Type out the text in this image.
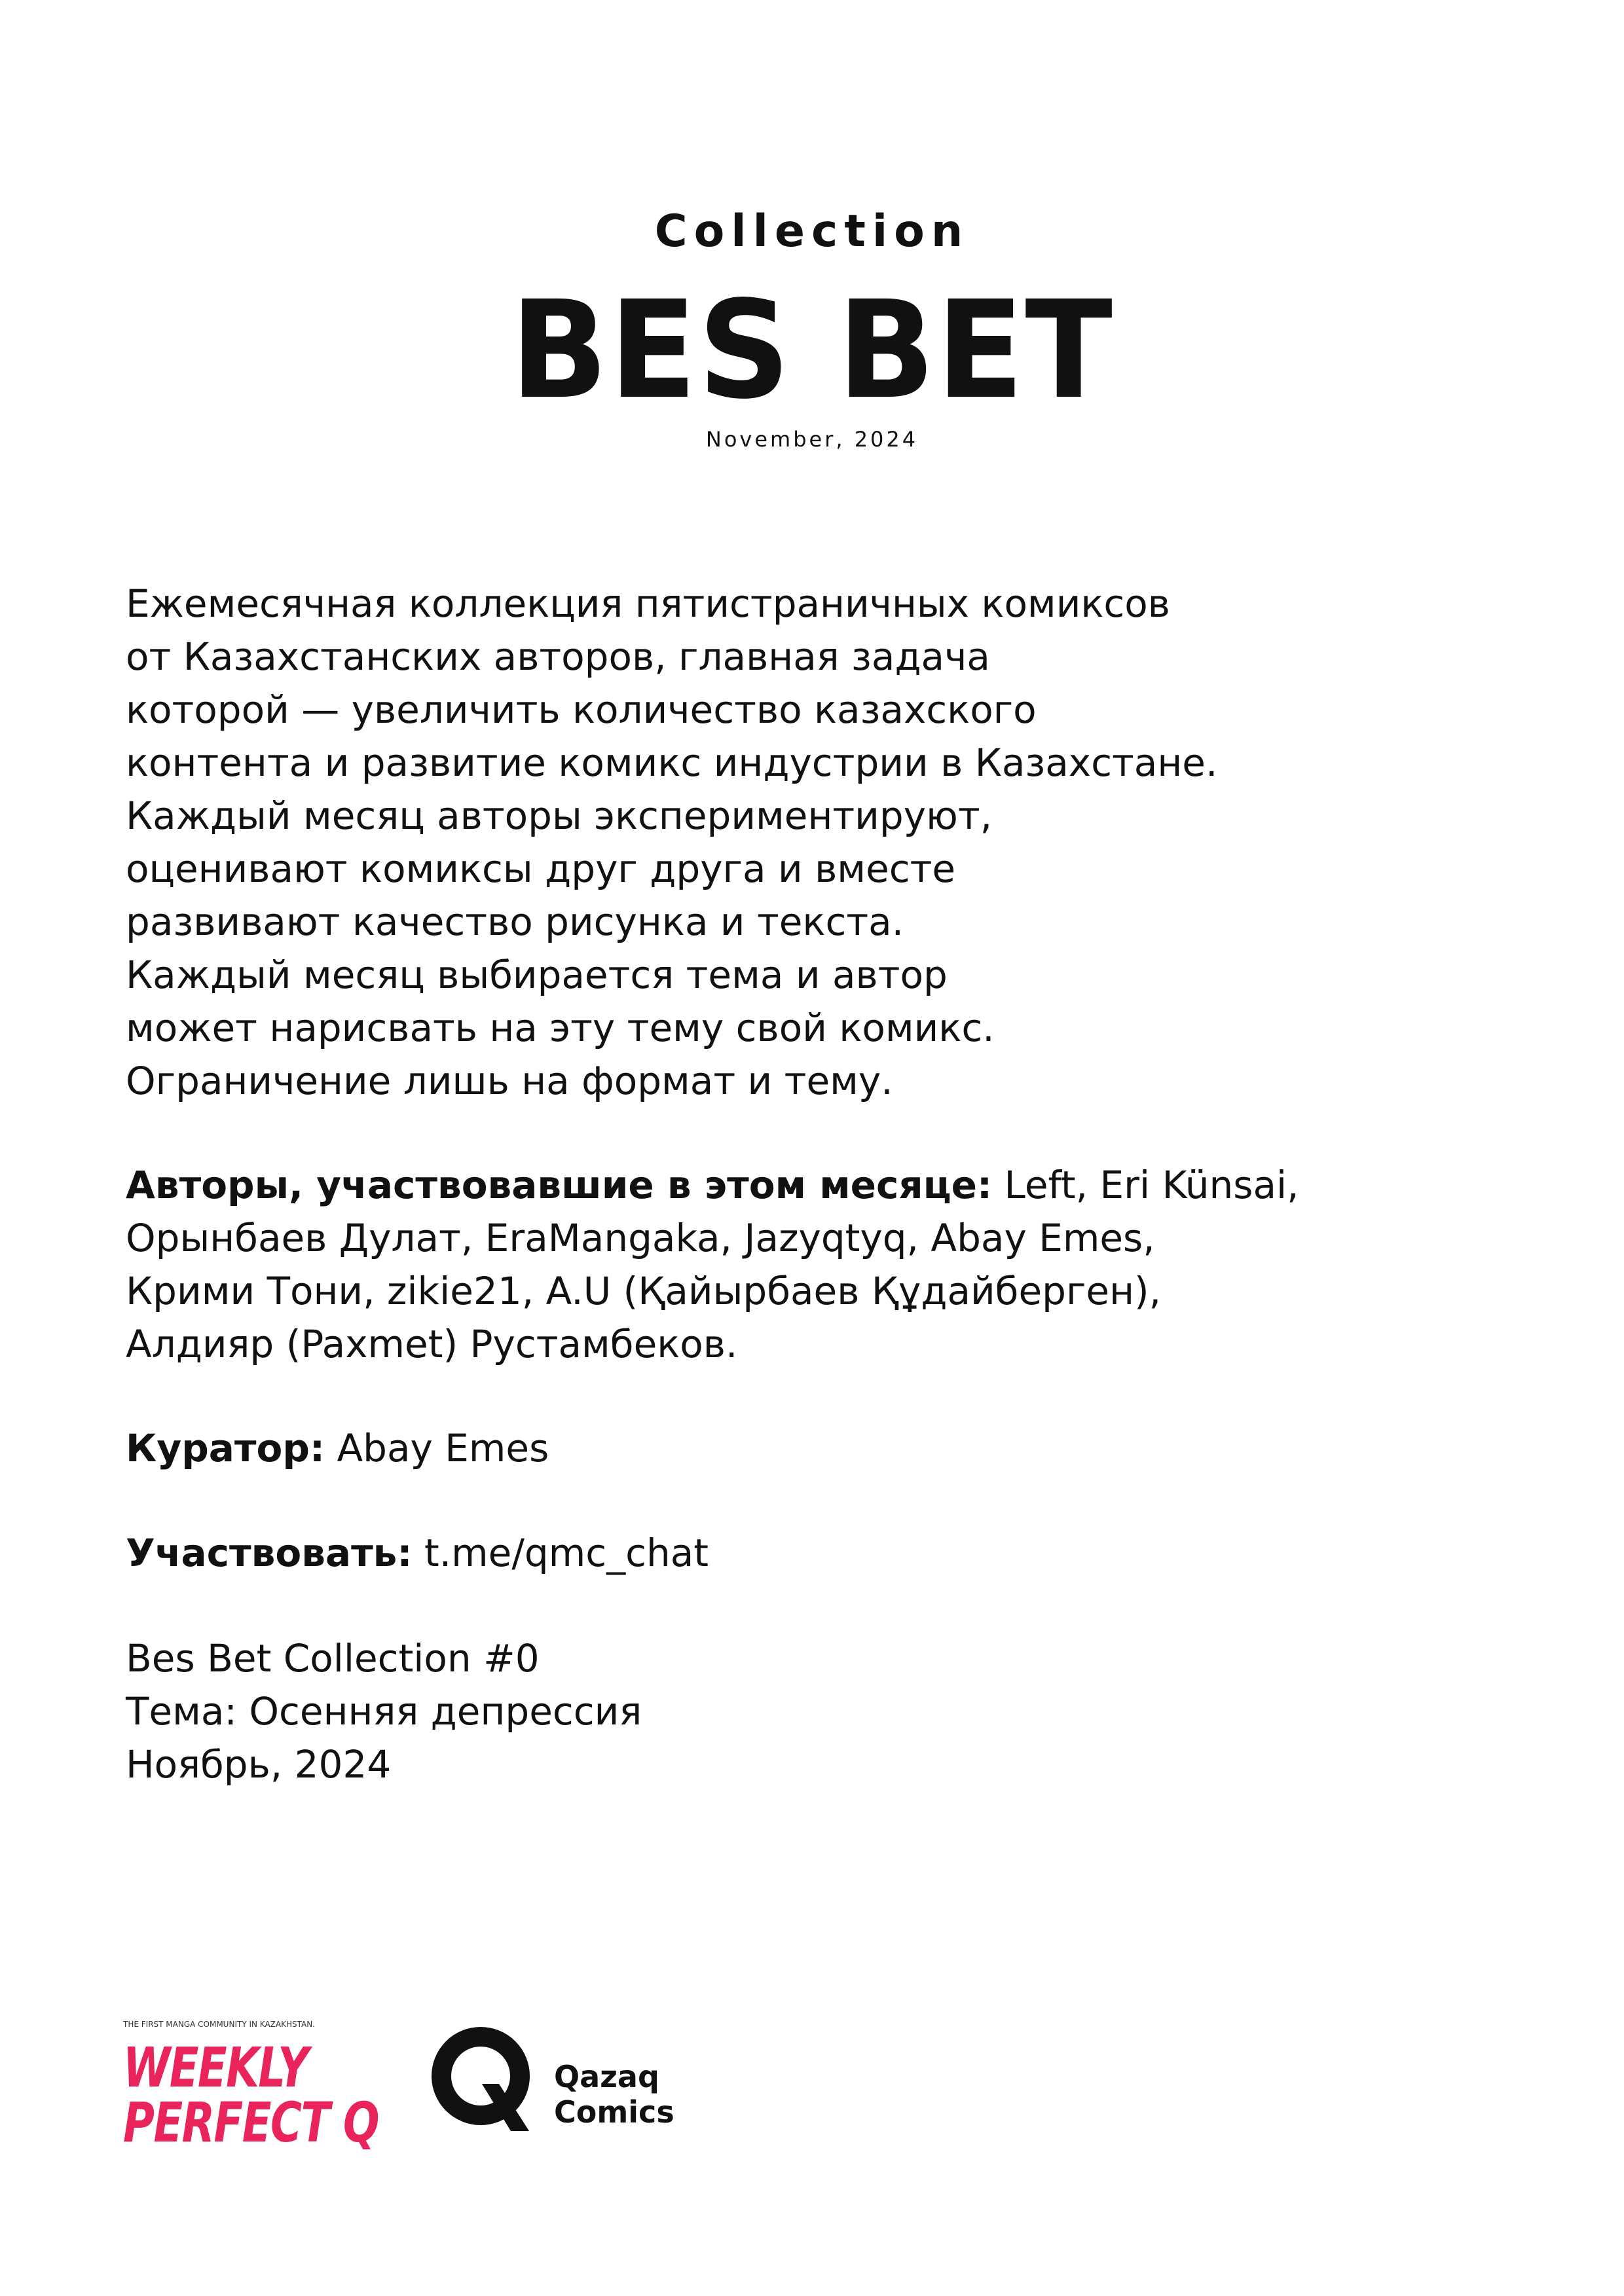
Collection
BES BET
November, 2024
Ежемесячная коллекция пятистраничных комиксов
от Казахстанских авторов, главная задача
которой — увеличить количество казахского
контента и развитие комикс индустрии в Казахстане.
Каждый месяц авторы экспериментируют,
оценивают комиксы друг друга и вместе
развивают качество рисунка и текста.
Каждый месяц выбирается тема и автор
может нарисвать на эту тему свой комикс.
Ограничение лишь на формат и тему.
Авторы, участвовавшие в этом месяце: Left, Eri Künsai,
Орынбаев Дулат, EraMangaka, Jazyqtyq, Abay Emes,
Крими Тони, zikie21, A.U (Қайырбаев Құдайберген),
Алдияр (Paxmet) Рустамбеков.
Куратор: Abay Emes
Участвовать: t.me/qmc_chat
Bes Bet Collection #0
Тема: Осенняя депрессия
Ноябрь, 2024
THE FIRST MANGA COMMUNITY IN KAZAKHSTAN.
WEEKLY
PERFECT Q
Qazaq
Comics
